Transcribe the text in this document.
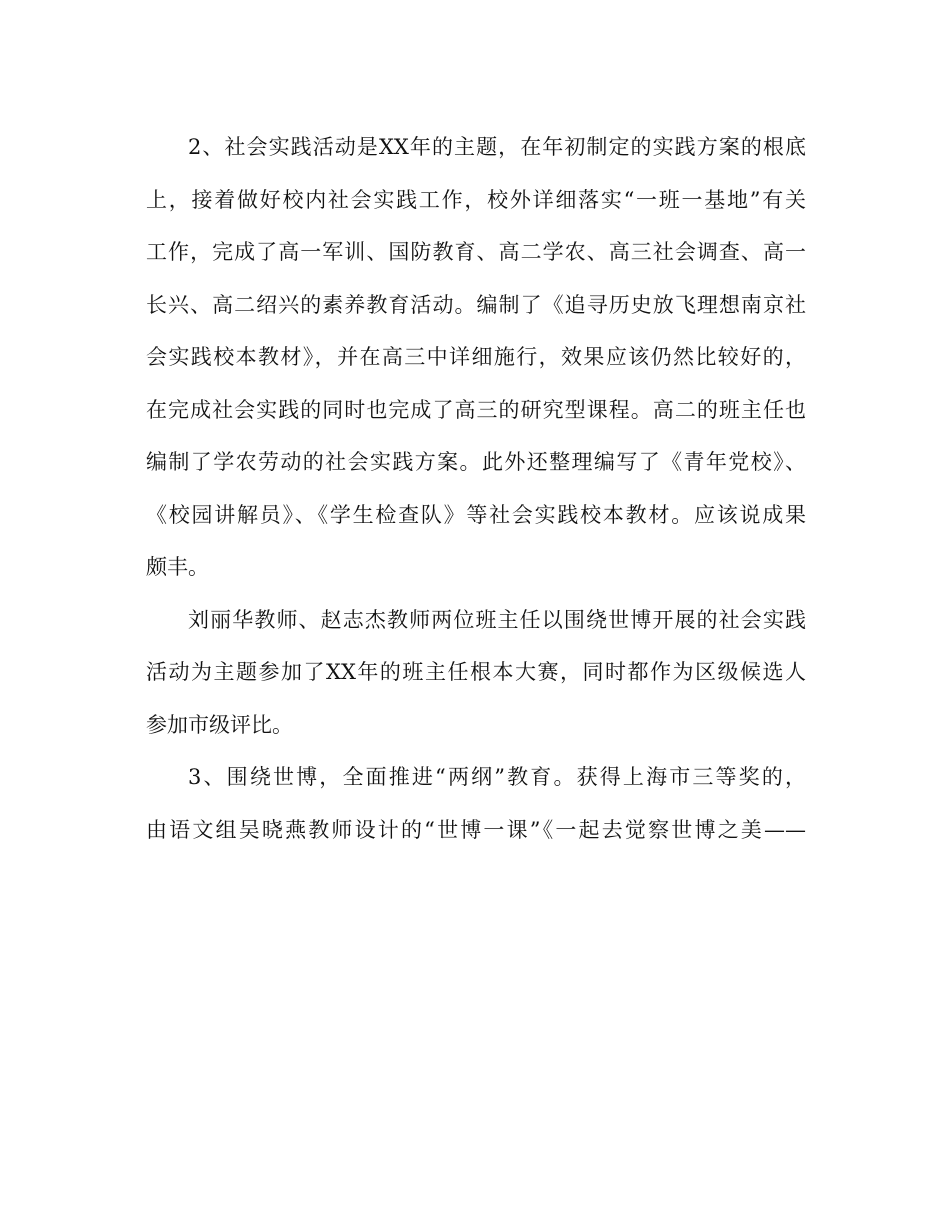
2、社会实践活动是XX年的主题，在年初制定的实践方案的根底

上，接着做好校内社会实践工作，校外详细落实“一班一基地”有关

工作，完成了高一军训、国防教育、高二学农、高三社会调查、高一

长兴、高二绍兴的素养教育活动。编制了《追寻历史放飞理想南京社

会实践校本教材》，并在高三中详细施行，效果应该仍然比较好的，

在完成社会实践的同时也完成了高三的研究型课程。高二的班主任也

编制了学农劳动的社会实践方案。此外还整理编写了《青年党校》、

《校园讲解员》、《学生检查队》等社会实践校本教材。应该说成果

颇丰。

刘丽华教师、赵志杰教师两位班主任以围绕世博开展的社会实践

活动为主题参加了XX年的班主任根本大赛，同时都作为区级候选人

参加市级评比。

3、围绕世博，全面推进“两纲”教育。获得上海市三等奖的，

由语文组吴晓燕教师设计的“世博一课”《一起去觉察世博之美——
